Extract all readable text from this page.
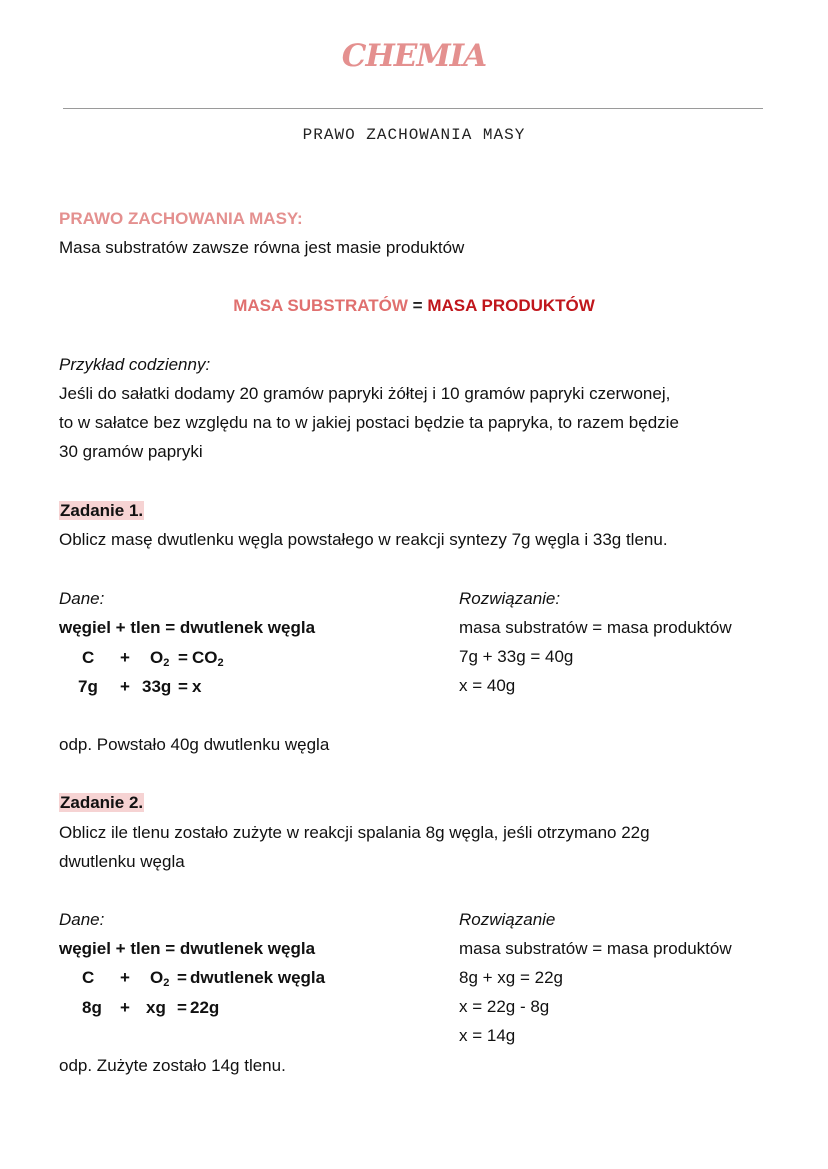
CHEMIA
PRAWO ZACHOWANIA MASY
PRAWO ZACHOWANIA MASY:
Masa substratów zawsze równa jest masie produktów
MASA SUBSTRATÓW = MASA PRODUKTÓW
Przykład codzienny:
Jeśli do sałatki dodamy 20 gramów papryki żółtej i 10 gramów papryki czerwonej,
to w sałatce bez względu na to w jakiej postaci będzie ta papryka, to razem będzie
30 gramów papryki
Zadanie 1.
Oblicz masę dwutlenku węgla powstałego w reakcji syntezy 7g węgla i 33g tlenu.
Dane:
węgiel + tlen = dwutlenek węgla
$C + O_2 = CO_2$
7g + 33g = x
Rozwiązanie:
masa substratów = masa produktów
7g + 33g = 40g
x = 40g
odp. Powstało 40g dwutlenku węgla
Zadanie 2.
Oblicz ile tlenu zostało zużyte w reakcji spalania 8g węgla, jeśli otrzymano 22g
dwutlenku węgla
Dane:
węgiel + tlen = dwutlenek węgla
$C + O_2$ = dwutlenek węgla
8g + xg = 22g
Rozwiązanie
masa substratów = masa produktów
8g + xg = 22g
x = 22g - 8g
x = 14g
odp. Zużyte zostało 14g tlenu.
